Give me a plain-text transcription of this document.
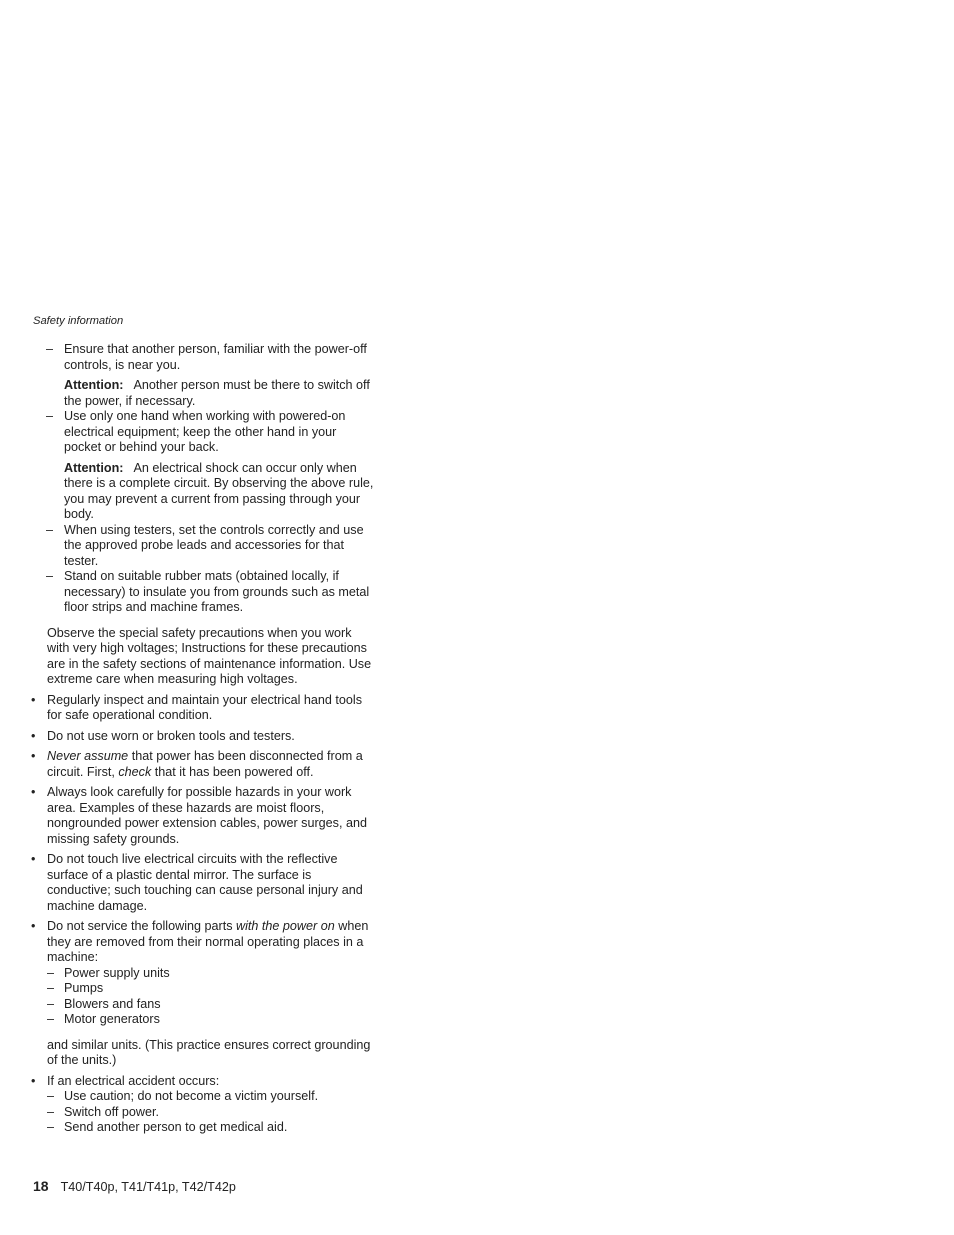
Safety information
– Ensure that another person, familiar with the power-off controls, is near you.
Attention: Another person must be there to switch off the power, if necessary.
– Use only one hand when working with powered-on electrical equipment; keep the other hand in your pocket or behind your back.
Attention: An electrical shock can occur only when there is a complete circuit. By observing the above rule, you may prevent a current from passing through your body.
– When using testers, set the controls correctly and use the approved probe leads and accessories for that tester.
– Stand on suitable rubber mats (obtained locally, if necessary) to insulate you from grounds such as metal floor strips and machine frames.
Observe the special safety precautions when you work with very high voltages; Instructions for these precautions are in the safety sections of maintenance information. Use extreme care when measuring high voltages.
• Regularly inspect and maintain your electrical hand tools for safe operational condition.
• Do not use worn or broken tools and testers.
• Never assume that power has been disconnected from a circuit. First, check that it has been powered off.
• Always look carefully for possible hazards in your work area. Examples of these hazards are moist floors, nongrounded power extension cables, power surges, and missing safety grounds.
• Do not touch live electrical circuits with the reflective surface of a plastic dental mirror. The surface is conductive; such touching can cause personal injury and machine damage.
• Do not service the following parts with the power on when they are removed from their normal operating places in a machine:
– Power supply units
– Pumps
– Blowers and fans
– Motor generators
and similar units. (This practice ensures correct grounding of the units.)
• If an electrical accident occurs:
– Use caution; do not become a victim yourself.
– Switch off power.
– Send another person to get medical aid.
18 T40/T40p, T41/T41p, T42/T42p
